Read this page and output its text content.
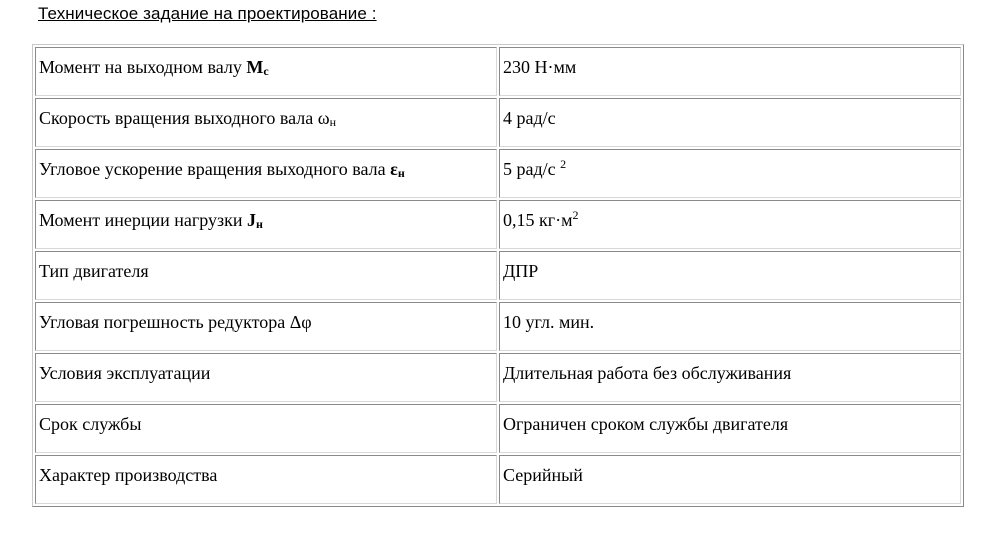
Техническое задание на проектирование :
Момент на выходном валу $M_с$	230 Н·мм
Скорость вращения выходного вала $\omega_н$	4 рад/с
Угловое ускорение вращения выходного вала $\varepsilon_н$	5 рад/с $^2$
Момент инерции нагрузки $J_н$	0,15 $кг\cdot м^2$
Тип двигателя	ДПР
Угловая погрешность редуктора Δφ	10 угл. мин.
Условия эксплуатации	Длительная работа без обслуживания
Срок службы	Ограничен сроком службы двигателя
Характер производства	Серийный
